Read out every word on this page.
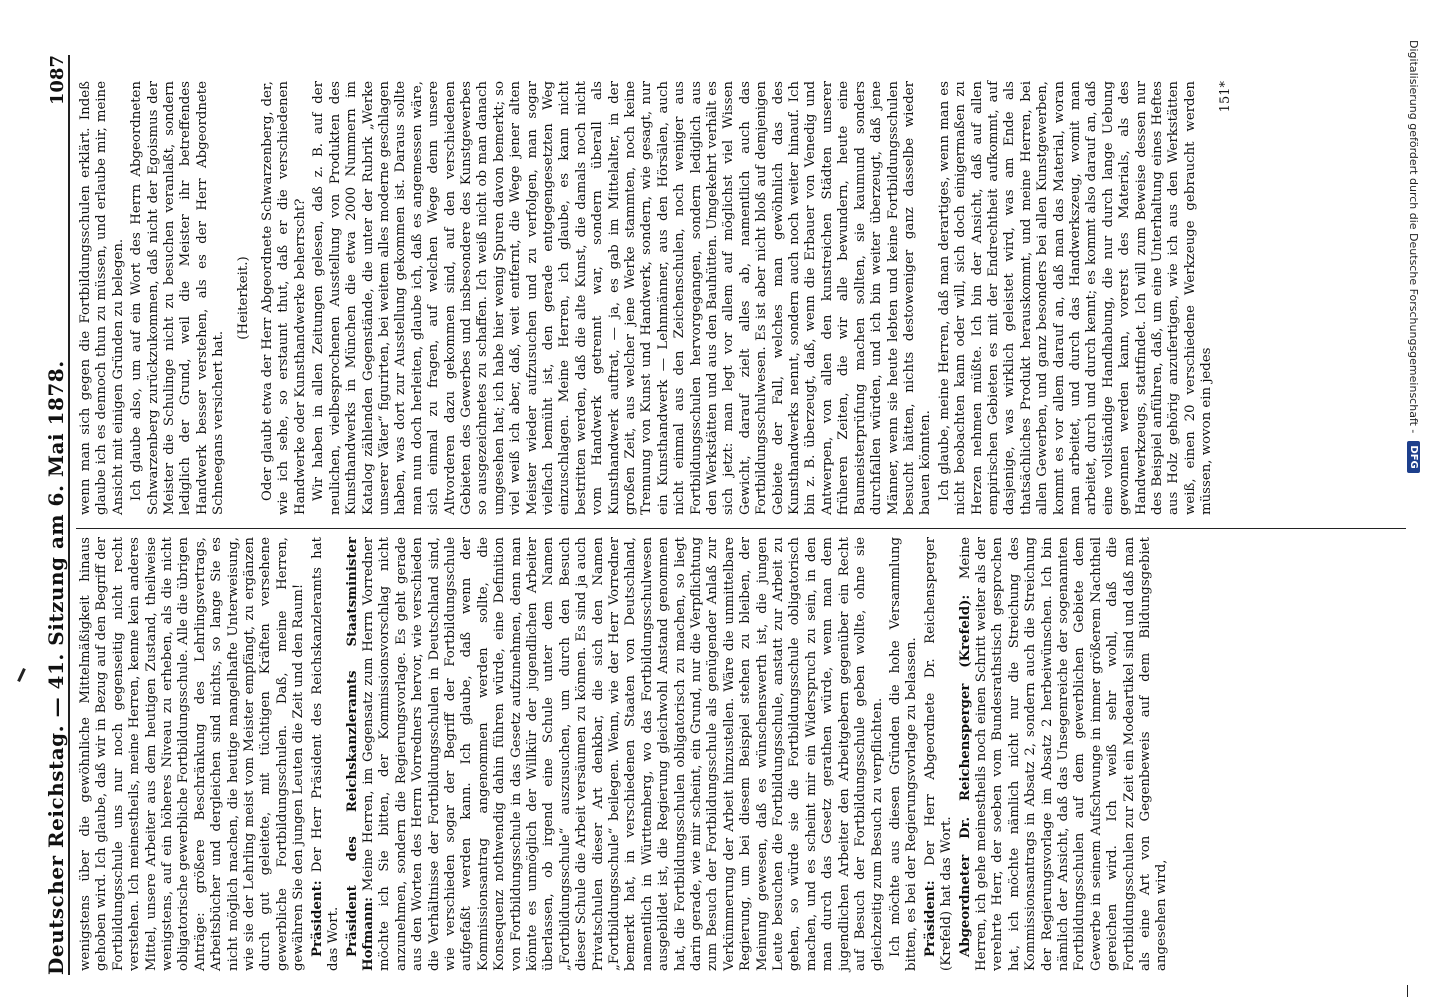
Deutscher Reichstag. — 41. Sitzung am 6. Mai 1878.
1087

wenigstens über die gewöhnliche Mittelmäßigkeit hinaus gehoben wird. Ich glaube, daß wir in Bezug auf den Begriff der Fortbildungsschule uns nur noch gegenseitig nicht recht verstehen. Ich meinestheils, meine Herren, kenne kein anderes Mittel, unsere Arbeiter aus dem heutigen Zustand, theilweise wenigstens, auf ein höheres Niveau zu erheben, als die nicht obligatorische gewerbliche Fortbildungsschule. Alle die übrigen Anträge: größere Beschränkung des Lehrlingsvertrags, Arbeitsbücher und dergleichen sind nichts, so lange Sie es nicht möglich machen, die heutige mangelhafte Unterweisung, wie sie der Lehrling meist vom Meister empfängt, zu ergänzen durch gut geleitete, mit tüchtigen Kräften versehene gewerbliche Fortbildungsschulen. Daß, meine Herren, gewähren Sie den jungen Leuten die Zeit und den Raum! Präsident: Der Herr Präsident des Reichskanzleramts hat das Wort. Präsident des Reichskanzleramts Staatsminister Hofmann: Meine Herren, im Gegensatz zum Herrn Vorredner möchte ich Sie bitten, der Kommissionsvorschlag nicht anzunehmen, sondern die Regierungsvorlage. Es geht gerade aus den Worten des Herrn Vorredners hervor, wie verschieden die Verhältnisse der Fortbildungsschulen in Deutschland sind, wie verschieden sogar der Begriff der Fortbildungsschule aufgefaßt werden kann. Ich glaube, daß wenn der Kommissionsantrag angenommen werden sollte, die Konsequenz nothwendig dahin führen würde, eine Definition von Fortbildungsschule in das Gesetz aufzunehmen, denn man könnte es unmöglich der Willkür der jugendlichen Arbeiter überlassen, ob irgend eine Schule unter dem Namen „Fortbildungsschule“ auszusuchen, um durch den Besuch dieser Schule die Arbeit versäumen zu können. Es sind ja auch Privatschulen dieser Art denkbar, die sich den Namen „Fortbildungsschule“ beilegen. Wenn, wie der Herr Vorredner bemerkt hat, in verschiedenen Staaten von Deutschland, namentlich in Württemberg, wo das Fortbildungsschulwesen ausgebildet ist, die Regierung gleichwohl Anstand genommen hat, die Fortbildungsschulen obligatorisch zu machen, so liegt darin gerade, wie mir scheint, ein Grund, nur die Verpflichtung zum Besuch der Fortbildungsschule als genügender Anlaß zur Verkümmerung der Arbeit hinzustellen. Wäre die unmittelbare Regierung, um bei diesem Beispiel stehen zu bleiben, der Meinung gewesen, daß es wünschenswerth ist, die jungen Leute besuchen die Fortbildungsschule, anstatt zur Arbeit zu gehen, so würde sie die Fortbildungsschule obligatorisch machen, und es scheint mir ein Widerspruch zu sein, in den man durch das Gesetz gerathen würde, wenn man dem jugendlichen Arbeiter den Arbeitgebern gegenüber ein Recht auf Besuch der Fortbildungsschule geben wollte, ohne sie gleichzeitig zum Besuch zu verpflichten. Ich möchte aus diesen Gründen die hohe Versammlung bitten, es bei der Regierungsvorlage zu belassen. Präsident: Der Herr Abgeordnete Dr. Reichensperger (Krefeld) hat das Wort. Abgeordneter Dr. Reichensperger (Krefeld): Meine Herren, ich gehe meinestheils noch einen Schritt weiter als der verehrte Herr, der soeben vom Bundesrathstisch gesprochen hat, ich möchte nämlich nicht nur die Streichung des Kommissionsantrags in Absatz 2, sondern auch die Streichung der Regierungsvorlage im Absatz 2 herbeiwünschen. Ich bin nämlich der Ansicht, daß das Unsegenreiche der sogenannten Fortbildungsschulen auf dem gewerblichen Gebiete dem Gewerbe in seinem Aufschwunge in immer größerem Nachtheil gereichen wird. Ich weiß sehr wohl, daß die Fortbildungsschulen zur Zeit ein Modeartikel sind und daß man als eine Art von Gegenbeweis auf dem Bildungsgebiet angesehen wird,

wenn man sich gegen die Fortbildungsschulen erklärt. Indeß glaube ich es dennoch thun zu müssen, und erlaube mir, meine Ansicht mit einigen Gründen zu belegen. Ich glaube also, um auf ein Wort des Herrn Abgeordneten Schwarzenberg zurückzukommen, daß nicht der Egoismus der Meister die Schulinge nicht zu besuchen veranlaßt, sondern lediglich der Grund, weil die Meister ihr betreffendes Handwerk besser verstehen, als es der Herr Abgeordnete Schneegans versichert hat.

(Heiterkeit.) Oder glaubt etwa der Herr Abgeordnete Schwarzenberg, der, wie ich sehe, so erstaunt thut, daß er die verschiedenen Handwerke oder Kunsthandwerke beherrscht? Wir haben in allen Zeitungen gelesen, daß z. B. auf der neulichen, vielbesprochenen Ausstellung von Produkten des Kunsthandwerks in München die etwa 2000 Nummern im Katalog zählenden Gegenstände, die unter der Rubrik „Werke unserer Väter“ figurirten, bei weitem alles moderne geschlagen haben, was dort zur Ausstellung gekommen ist. Daraus sollte man nun doch herleiten, glaube ich, daß es angemessen wäre, sich einmal zu fragen, auf welchen Wege denn unsere Altvorderen dazu gekommen sind, auf den verschiedenen Gebieten des Gewerbes und insbesondere des Kunstgewerbes so ausgezeichnetes zu schaffen. Ich weiß nicht ob man danach umgesehen hat; ich habe hier wenig Spuren davon bemerkt; so viel weiß ich aber, daß, weit entfernt, die Wege jener alten Meister wieder aufzusuchen und zu verfolgen, man sogar vielfach bemüht ist, den gerade entgegengesetzten Weg einzuschlagen. Meine Herren, ich glaube, es kann nicht bestritten werden, daß die alte Kunst, die damals noch nicht vom Handwerk getrennt war, sondern überall als Kunsthandwerk auftrat, — ja, es gab im Mittelalter, in der großen Zeit, aus welcher jene Werke stammten, noch keine Trennung von Kunst und Handwerk, sondern, wie gesagt, nur ein Kunsthandwerk — Lehnmänner, aus den Hörsälen, auch nicht einmal aus den Zeichenschulen, noch weniger aus Fortbildungsschulen hervorgegangen, sondern lediglich aus den Werkstätten und aus den Bauhütten. Umgekehrt verhält es sich jetzt: man legt vor allem auf möglichst viel Wissen Gewicht, darauf zielt alles ab, namentlich auch das Fortbildungsschulwesen. Es ist aber nicht bloß auf demjenigen Gebiete der Fall, welches man gewöhnlich das des Kunsthandwerks nennt, sondern auch noch weiter hinauf. Ich bin z. B. überzeugt, daß, wenn die Erbauer von Venedig und Antwerpen, von allen den kunstreichen Städten unserer früheren Zeiten, die wir alle bewundern, heute eine Baumeisterprüfung machen sollten, sie kaumund sonders durchfallen würden, und ich bin weiter überzeugt, daß jene Männer, wenn sie heute lebten und keine Fortbildungsschulen besucht hätten, nichts destoweniger ganz dasselbe wieder bauen könnten. Ich glaube, meine Herren, daß man derartiges, wenn man es nicht beobachten kann oder will, sich doch einigermaßen zu Herzen nehmen müßte. Ich bin der Ansicht, daß auf allen empirischen Gebieten es mit der Endrechtheit aufkommt, auf dasjenige, was wirklich geleistet wird, was am Ende als thatsächliches Produkt herauskommt, und meine Herren, bei allen Gewerben, und ganz besonders bei allen Kunstgewerben, kommt es vor allem darauf an, daß man das Material, woran man arbeitet, und durch das Handwerkszeug, womit man arbeitet, durch und durch kennt; es kommt also darauf an, daß eine vollständige Handhabung, die nur durch lange Uebung gewonnen werden kann, vorerst des Materials, als des Handwerkzeugs, stattfindet. Ich will zum Beweise dessen nur des Beispiel anführen, daß, um eine Unterhaltung eines Heftes aus Holz gehörig anzufertigen, wie ich aus den Werkstätten weiß, einen 20 verschiedene Werkzeuge gebraucht werden müssen, wovon ein jedes

151*	Digitalisierung gefördert durch die Deutsche Forschungsgemeinschaft -
DFG
